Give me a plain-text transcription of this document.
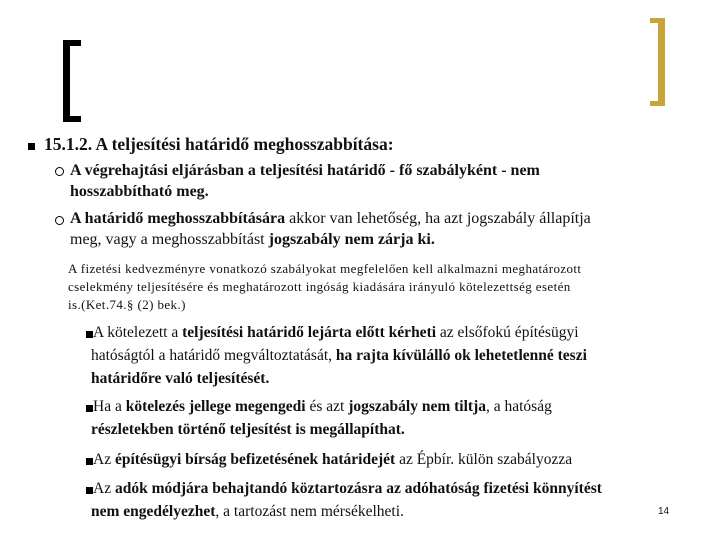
15.1.2. A teljesítési határidő meghosszabbítása:
A végrehajtási eljárásban a teljesítési határidő - fő szabályként - nem
hosszabbítható meg.
A határidő meghosszabbítására akkor van lehetőség, ha azt jogszabály állapítja
meg, vagy a meghosszabbítást jogszabály nem zárja ki.
A fizetési kedvezményre vonatkozó szabályokat megfelelően kell alkalmazni meghatározott
cselekmény teljesítésére és meghatározott ingóság kiadására irányuló kötelezettség esetén
is.(Ket.74.§ (2) bek.)
A kötelezett a teljesítési határidő lejárta előtt kérheti az elsőfokú építésügyi
hatóságtól a határidő megváltoztatását, ha rajta kívülálló ok lehetetlenné teszi
határidőre való teljesítését.
Ha a kötelezés jellege megengedi és azt jogszabály nem tiltja, a hatóság
részletekben történő teljesítést is megállapíthat.
Az építésügyi bírság befizetésének határidejét az Épbír. külön szabályozza
Az adók módjára behajtandó köztartozásra az adóhatóság fizetési könnyítést
nem engedélyezhet, a tartozást nem mérsékelheti.	14
